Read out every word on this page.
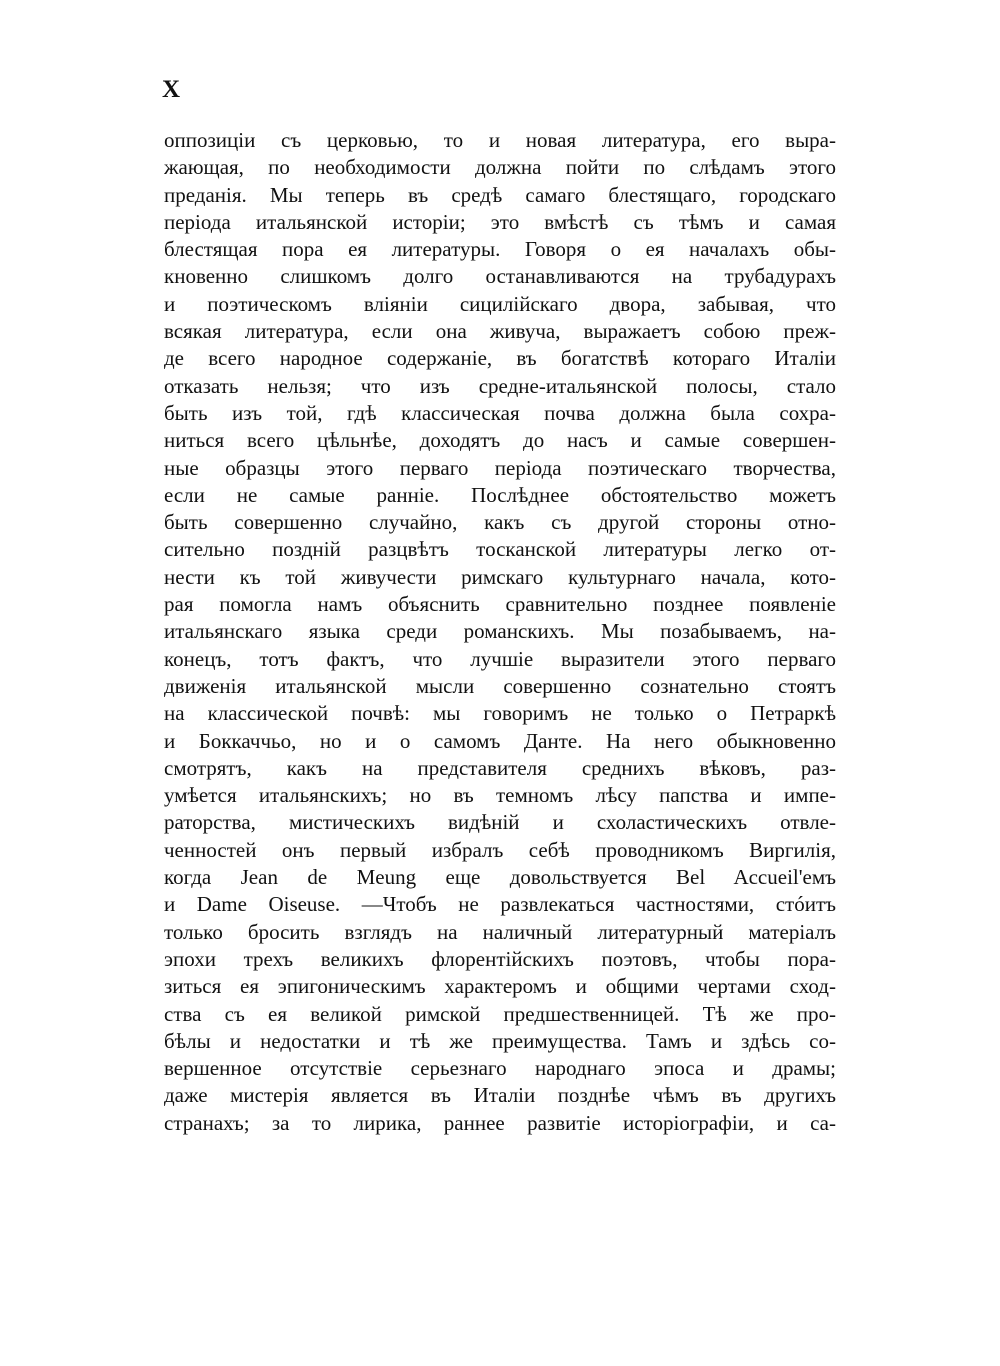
X
оппозиціи съ церковью, то и новая литература, его выра-
жающая, по необходимости должна пойти по слѣдамъ этого
преданія. Мы теперь въ средѣ самаго блестящаго, городскаго
періода итальянской исторіи; это вмѣстѣ съ тѣмъ и самая
блестящая пора ея литературы. Говоря о ея началахъ обы-
кновенно слишкомъ долго останавливаются на трубадурахъ
и поэтическомъ вліяніи сицилійскаго двора, забывая, что
всякая литература, если она живуча, выражаетъ собою преж-
де всего народное содержаніе, въ богатствѣ котораго Италіи
отказать нельзя; что изъ средне-итальянской полосы, стало
быть изъ той, гдѣ классическая почва должна была сохра-
ниться всего цѣльнѣе, доходятъ до насъ и самые совершен-
ные образцы этого перваго періода поэтическаго творчества,
если не самые ранніе. Послѣднее обстоятельство можетъ
быть совершенно случайно, какъ съ другой стороны отно-
сительно поздній разцвѣтъ тосканской литературы легко от-
нести къ той живучести римскаго культурнаго начала, кото-
рая помогла намъ объяснить сравнительно позднее появленіе
итальянскаго языка среди романскихъ. Мы позабываемъ, на-
конецъ, тотъ фактъ, что лучшіе выразители этого перваго
движенія итальянской мысли совершенно сознательно стоятъ
на классической почвѣ: мы говоримъ не только о Петраркѣ
и Боккаччьо, но и о самомъ Данте. На него обыкновенно
смотрятъ, какъ на представителя среднихъ вѣковъ, раз-
умѣется итальянскихъ; но въ темномъ лѣсу папства и импе-
раторства, мистическихъ видѣній и схоластическихъ отвле-
ченностей онъ первый избралъ себѣ проводникомъ Виргилія,
когда Jean de Meung еще довольствуется Bel Accueil'емъ
и Dame Oiseuse. —Чтобъ не развлекаться частностями, стóитъ
только бросить взглядъ на наличный литературный матеріалъ
эпохи трехъ великихъ флорентійскихъ поэтовъ, чтобы пора-
зиться ея эпигоническимъ характеромъ и общими чертами сход-
ства съ ея великой римской предшественницей. Тѣ же про-
бѣлы и недостатки и тѣ же преимущества. Тамъ и здѣсь со-
вершенное отсутствіе серьезнаго народнаго эпоса и драмы;
даже мистерія является въ Италіи позднѣе чѣмъ въ другихъ
странахъ; за то лирика, раннее развитіе исторіографіи, и са-
